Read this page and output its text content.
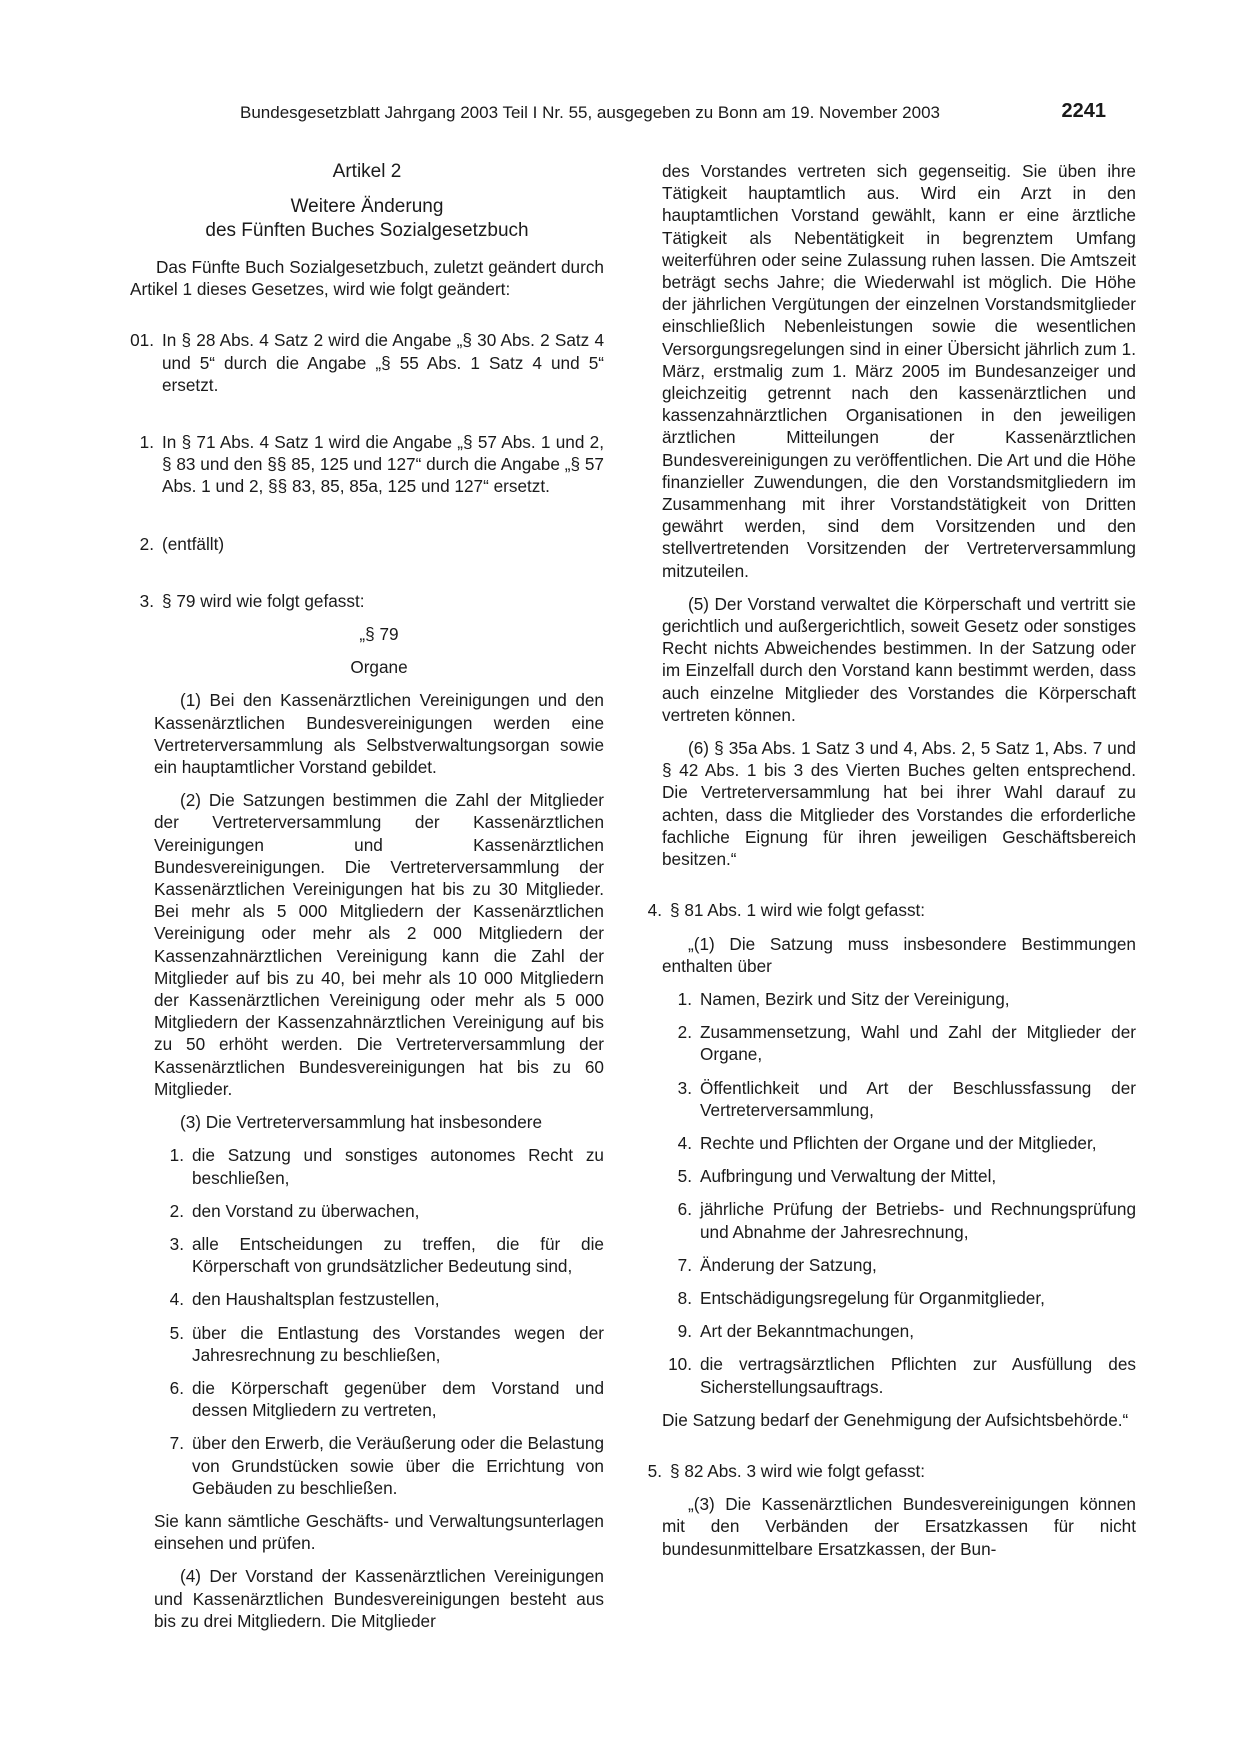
Bundesgesetzblatt Jahrgang 2003 Teil I Nr. 55, ausgegeben zu Bonn am 19. November 2003	2241
Artikel 2
Weitere Änderung
des Fünften Buches Sozialgesetzbuch

Das Fünfte Buch Sozialgesetzbuch, zuletzt geändert durch Artikel 1 dieses Gesetzes, wird wie folgt geändert:

01. In § 28 Abs. 4 Satz 2 wird die Angabe „§ 30 Abs. 2 Satz 4 und 5“ durch die Angabe „§ 55 Abs. 1 Satz 4 und 5“ ersetzt.
1. In § 71 Abs. 4 Satz 1 wird die Angabe „§ 57 Abs. 1 und 2, § 83 und den §§ 85, 125 und 127“ durch die Angabe „§ 57 Abs. 1 und 2, §§ 83, 85, 85a, 125 und 127“ ersetzt.
2. (entfällt)
3. § 79 wird wie folgt gefasst:

„§ 79

Organe

(1) Bei den Kassenärztlichen Vereinigungen und den Kassenärztlichen Bundesvereinigungen werden eine Vertreterversammlung als Selbstverwaltungsorgan sowie ein hauptamtlicher Vorstand gebildet.

(2) Die Satzungen bestimmen die Zahl der Mitglieder der Vertreterversammlung der Kassenärztlichen Vereinigungen und Kassenärztlichen Bundesvereinigungen. Die Vertreterversammlung der Kassenärztlichen Vereinigungen hat bis zu 30 Mitglieder. Bei mehr als 5 000 Mitgliedern der Kassenärztlichen Vereinigung oder mehr als 2 000 Mitgliedern der Kassenzahnärztlichen Vereinigung kann die Zahl der Mitglieder auf bis zu 40, bei mehr als 10 000 Mitgliedern der Kassenärztlichen Vereinigung oder mehr als 5 000 Mitgliedern der Kassenzahnärztlichen Vereinigung auf bis zu 50 erhöht werden. Die Vertreterversammlung der Kassenärztlichen Bundesvereinigungen hat bis zu 60 Mitglieder.

(3) Die Vertreterversammlung hat insbesondere

1. die Satzung und sonstiges autonomes Recht zu beschließen,
2. den Vorstand zu überwachen,
3. alle Entscheidungen zu treffen, die für die Körperschaft von grundsätzlicher Bedeutung sind,
4. den Haushaltsplan festzustellen,
5. über die Entlastung des Vorstandes wegen der Jahresrechnung zu beschließen,
6. die Körperschaft gegenüber dem Vorstand und dessen Mitgliedern zu vertreten,
7. über den Erwerb, die Veräußerung oder die Belastung von Grundstücken sowie über die Errichtung von Gebäuden zu beschließen.

Sie kann sämtliche Geschäfts- und Verwaltungsunterlagen einsehen und prüfen.

(4) Der Vorstand der Kassenärztlichen Vereinigungen und Kassenärztlichen Bundesvereinigungen besteht aus bis zu drei Mitgliedern. Die Mitglieder

des Vorstandes vertreten sich gegenseitig. Sie üben ihre Tätigkeit hauptamtlich aus. Wird ein Arzt in den hauptamtlichen Vorstand gewählt, kann er eine ärztliche Tätigkeit als Nebentätigkeit in begrenztem Umfang weiterführen oder seine Zulassung ruhen lassen. Die Amtszeit beträgt sechs Jahre; die Wiederwahl ist möglich. Die Höhe der jährlichen Vergütungen der einzelnen Vorstandsmitglieder einschließlich Nebenleistungen sowie die wesentlichen Versorgungsregelungen sind in einer Übersicht jährlich zum 1. März, erstmalig zum 1. März 2005 im Bundesanzeiger und gleichzeitig getrennt nach den kassenärztlichen und kassenzahnärztlichen Organisationen in den jeweiligen ärztlichen Mitteilungen der Kassenärztlichen Bundesvereinigungen zu veröffentlichen. Die Art und die Höhe finanzieller Zuwendungen, die den Vorstandsmitgliedern im Zusammenhang mit ihrer Vorstandstätigkeit von Dritten gewährt werden, sind dem Vorsitzenden und den stellvertretenden Vorsitzenden der Vertreterversammlung mitzuteilen.

(5) Der Vorstand verwaltet die Körperschaft und vertritt sie gerichtlich und außergerichtlich, soweit Gesetz oder sonstiges Recht nichts Abweichendes bestimmen. In der Satzung oder im Einzelfall durch den Vorstand kann bestimmt werden, dass auch einzelne Mitglieder des Vorstandes die Körperschaft vertreten können.

(6) § 35a Abs. 1 Satz 3 und 4, Abs. 2, 5 Satz 1, Abs. 7 und § 42 Abs. 1 bis 3 des Vierten Buches gelten entsprechend. Die Vertreterversammlung hat bei ihrer Wahl darauf zu achten, dass die Mitglieder des Vorstandes die erforderliche fachliche Eignung für ihren jeweiligen Geschäftsbereich besitzen.“

4. § 81 Abs. 1 wird wie folgt gefasst:

„(1) Die Satzung muss insbesondere Bestimmungen enthalten über

1. Namen, Bezirk und Sitz der Vereinigung,
2. Zusammensetzung, Wahl und Zahl der Mitglieder der Organe,
3. Öffentlichkeit und Art der Beschlussfassung der Vertreterversammlung,
4. Rechte und Pflichten der Organe und der Mitglieder,
5. Aufbringung und Verwaltung der Mittel,
6. jährliche Prüfung der Betriebs- und Rechnungsprüfung und Abnahme der Jahresrechnung,
7. Änderung der Satzung,
8. Entschädigungsregelung für Organmitglieder,
9. Art der Bekanntmachungen,
10. die vertragsärztlichen Pflichten zur Ausfüllung des Sicherstellungsauftrags.

Die Satzung bedarf der Genehmigung der Aufsichtsbehörde.“

5. § 82 Abs. 3 wird wie folgt gefasst:

„(3) Die Kassenärztlichen Bundesvereinigungen können mit den Verbänden der Ersatzkassen für nicht bundesunmittelbare Ersatzkassen, der Bun-
